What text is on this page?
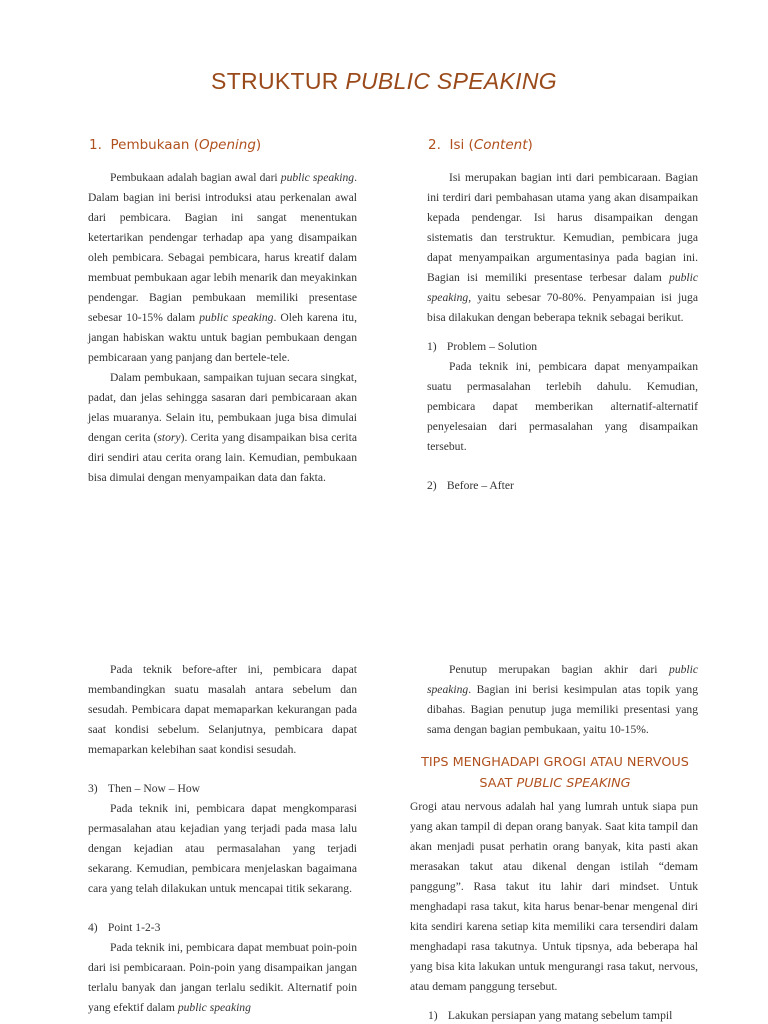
STRUKTUR PUBLIC SPEAKING
1. Pembukaan (Opening)	2. Isi (Content)

Pembukaan adalah bagian awal dari public speaking. Dalam bagian ini berisi introduksi atau perkenalan awal dari pembicara. Bagian ini sangat menentukan ketertarikan pendengar terhadap apa yang disampaikan oleh pembicara. Sebagai pembicara, harus kreatif dalam membuat pembukaan agar lebih menarik dan meyakinkan pendengar. Bagian pembukaan memiliki presentase sebesar 10-15% dalam public speaking. Oleh karena itu, jangan habiskan waktu untuk bagian pembukaan dengan pembicaraan yang panjang dan bertele-tele.

Dalam pembukaan, sampaikan tujuan secara singkat, padat, dan jelas sehingga sasaran dari pembicaraan akan jelas muaranya. Selain itu, pembukaan juga bisa dimulai dengan cerita (story). Cerita yang disampaikan bisa cerita diri sendiri atau cerita orang lain. Kemudian, pembukaan bisa dimulai dengan menyampaikan data dan fakta.

Isi merupakan bagian inti dari pembicaraan. Bagian ini terdiri dari pembahasan utama yang akan disampaikan kepada pendengar. Isi harus disampaikan dengan sistematis dan terstruktur. Kemudian, pembicara juga dapat menyampaikan argumentasinya pada bagian ini. Bagian isi memiliki presentase terbesar dalam public speaking, yaitu sebesar 70-80%. Penyampaian isi juga bisa dilakukan dengan beberapa teknik sebagai berikut.

1) Problem – Solution

Pada teknik ini, pembicara dapat menyampaikan suatu permasalahan terlebih dahulu. Kemudian, pembicara dapat memberikan alternatif-alternatif penyelesaian dari permasalahan yang disampaikan tersebut.

2) Before – After

Pada teknik before-after ini, pembicara dapat membandingkan suatu masalah antara sebelum dan sesudah. Pembicara dapat memaparkan kekurangan pada saat kondisi sebelum. Selanjutnya, pembicara dapat memaparkan kelebihan saat kondisi sesudah.

3) Then – Now – How

Pada teknik ini, pembicara dapat mengkomparasi permasalahan atau kejadian yang terjadi pada masa lalu dengan kejadian atau permasalahan yang terjadi sekarang. Kemudian, pembicara menjelaskan bagaimana cara yang telah dilakukan untuk mencapai titik sekarang.

4) Point 1-2-3

Pada teknik ini, pembicara dapat membuat poin-poin dari isi pembicaraan. Poin-poin yang disampaikan jangan terlalu banyak dan jangan terlalu sedikit. Alternatif poin yang efektif dalam public speaking

Penutup merupakan bagian akhir dari public speaking. Bagian ini berisi kesimpulan atas topik yang dibahas. Bagian penutup juga memiliki presentasi yang sama dengan bagian pembukaan, yaitu 10-15%.

TIPS MENGHADAPI GROGI ATAU NERVOUS
SAAT PUBLIC SPEAKING

Grogi atau nervous adalah hal yang lumrah untuk siapa pun yang akan tampil di depan orang banyak. Saat kita tampil dan akan menjadi pusat perhatin orang banyak, kita pasti akan merasakan takut atau dikenal dengan istilah “demam panggung”. Rasa takut itu lahir dari mindset. Untuk menghadapi rasa takut, kita harus benar-benar mengenal diri kita sendiri karena setiap kita memiliki cara tersendiri dalam menghadapi rasa takutnya. Untuk tipsnya, ada beberapa hal yang bisa kita lakukan untuk mengurangi rasa takut, nervous, atau demam panggung tersebut.

1) Lakukan persiapan yang matang sebelum tampil
